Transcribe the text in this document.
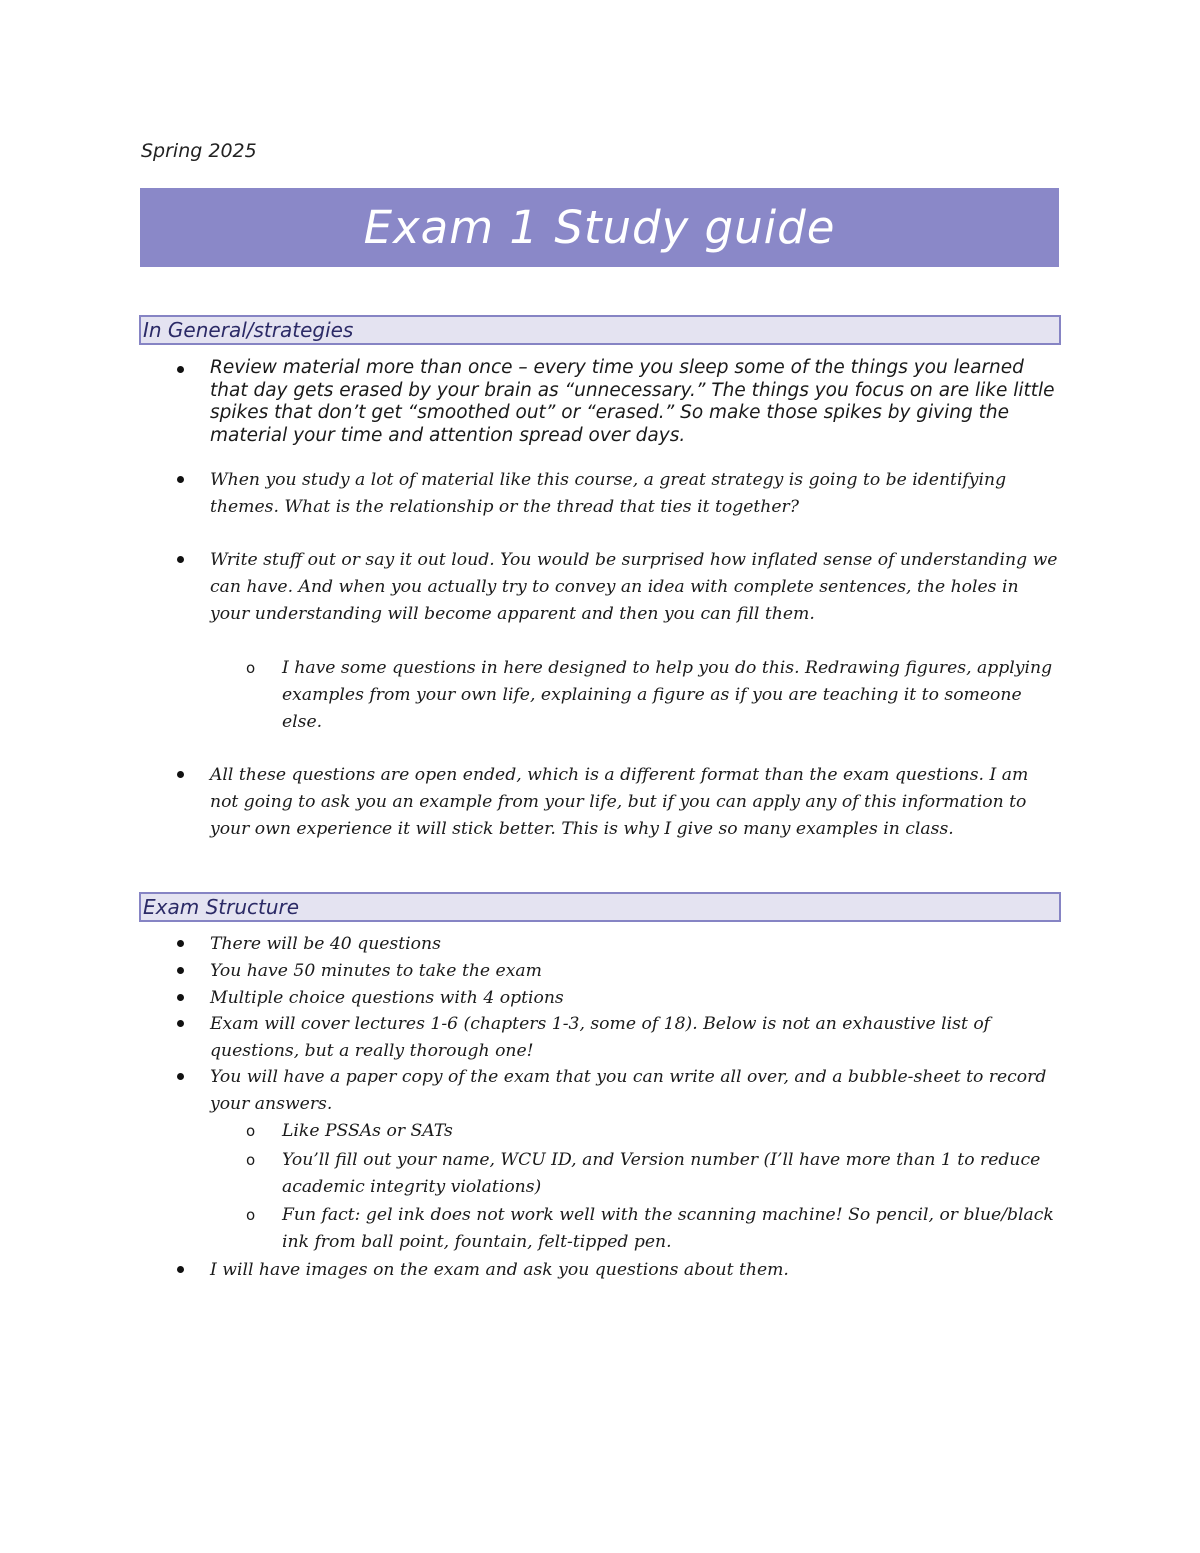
Spring 2025
Exam 1 Study guide
In General/strategies
Review material more than once – every time you sleep some of the things you learned that day gets erased by your brain as “unnecessary.” The things you focus on are like little spikes that don’t get “smoothed out” or “erased.” So make those spikes by giving the material your time and attention spread over days.
When you study a lot of material like this course, a great strategy is going to be identifying themes. What is the relationship or the thread that ties it together?
Write stuff out or say it out loud. You would be surprised how inflated sense of understanding we can have. And when you actually try to convey an idea with complete sentences, the holes in your understanding will become apparent and then you can fill them.
o I have some questions in here designed to help you do this. Redrawing figures, applying examples from your own life, explaining a figure as if you are teaching it to someone else.
All these questions are open ended, which is a different format than the exam questions. I am not going to ask you an example from your life, but if you can apply any of this information to your own experience it will stick better. This is why I give so many examples in class.
Exam Structure
There will be 40 questions
You have 50 minutes to take the exam
Multiple choice questions with 4 options
Exam will cover lectures 1-6 (chapters 1-3, some of 18). Below is not an exhaustive list of questions, but a really thorough one!
You will have a paper copy of the exam that you can write all over, and a bubble-sheet to record your answers.
o Like PSSAs or SATs
o You’ll fill out your name, WCU ID, and Version number (I’ll have more than 1 to reduce academic integrity violations)
o Fun fact: gel ink does not work well with the scanning machine! So pencil, or blue/black ink from ball point, fountain, felt-tipped pen.
I will have images on the exam and ask you questions about them.
